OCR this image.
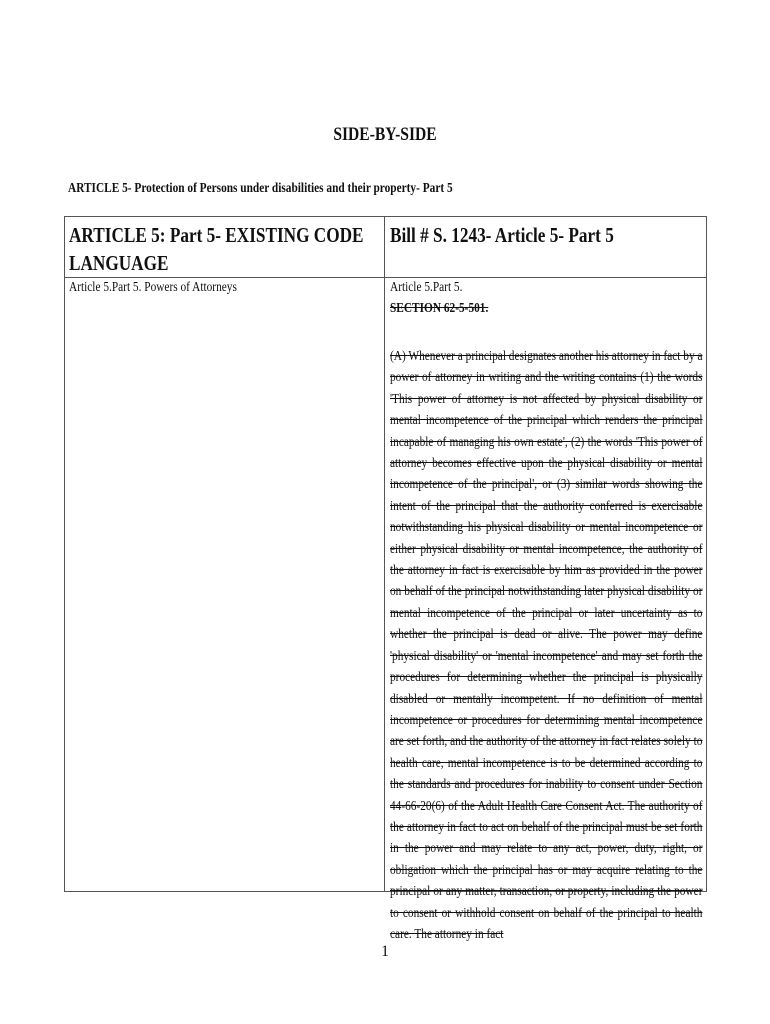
SIDE-BY-SIDE
ARTICLE 5- Protection of Persons under disabilities and their property- Part 5
ARTICLE 5: Part 5- EXISTING CODE LANGUAGE
Bill # S. 1243- Article 5- Part 5
Article 5.Part 5. Powers of Attorneys	Article 5.Part 5.
SECTION 62-5-501.
(A) Whenever a principal designates another his attorney in fact by a power of attorney in writing and the writing contains (1) the words 'This power of attorney is not affected by physical disability or mental incompetence of the principal which renders the principal incapable of managing his own estate', (2) the words 'This power of attorney becomes effective upon the physical disability or mental incompetence of the principal', or (3) similar words showing the intent of the principal that the authority conferred is exercisable notwithstanding his physical disability or mental incompetence or either physical disability or mental incompetence, the authority of the attorney in fact is exercisable by him as provided in the power on behalf of the principal notwithstanding later physical disability or mental incompetence of the principal or later uncertainty as to whether the principal is dead or alive. The power may define 'physical disability' or 'mental incompetence' and may set forth the procedures for determining whether the principal is physically disabled or mentally incompetent. If no definition of mental incompetence or procedures for determining mental incompetence are set forth, and the authority of the attorney in fact relates solely to health care, mental incompetence is to be determined according to the standards and procedures for inability to consent under Section 44-66-20(6) of the Adult Health Care Consent Act. The authority of the attorney in fact to act on behalf of the principal must be set forth in the power and may relate to any act, power, duty, right, or obligation which the principal has or may acquire relating to the principal or any matter, transaction, or property, including the power to consent or withhold consent on behalf of the principal to health care. The attorney in fact
1
